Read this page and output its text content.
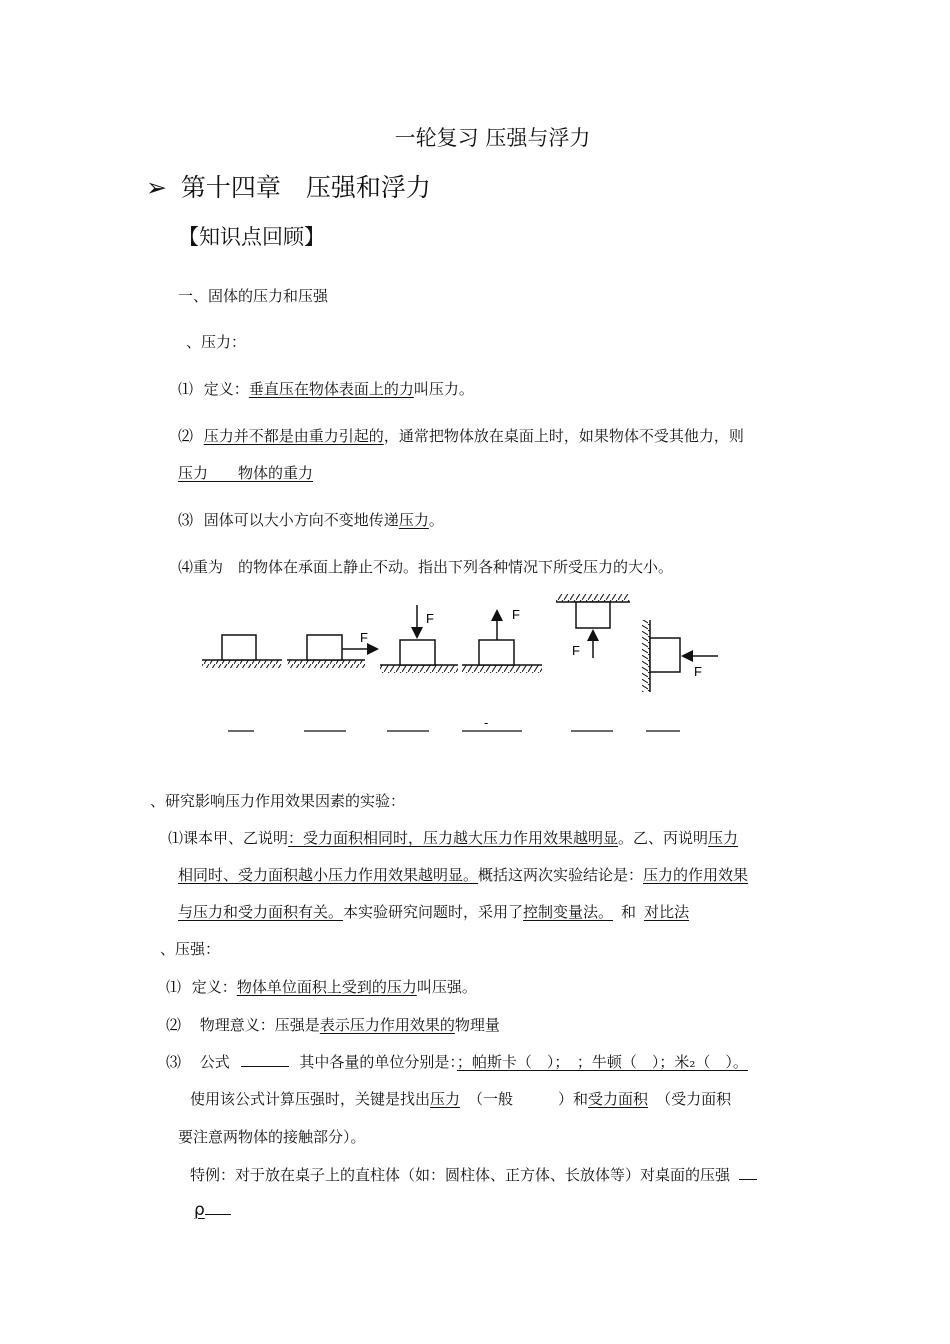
一轮复习 压强与浮力
➢ 第十四章　压强和浮力
【知识点回顾】
一、固体的压力和压强
、压力：
⑴ 定义：垂直压在物体表面上的力叫压力。
⑵ 压力并不都是由重力引起的，通常把物体放在桌面上时，如果物体不受其他力，则
压力　　物体的重力
⑶ 固体可以大小方向不变地传递压力。
⑷重为　的物体在承面上静止不动。指出下列各种情况下所受压力的大小。
F
F	F
F
F
-
、研究影响压力作用效果因素的实验：
⑴课本甲、乙说明：受力面积相同时，压力越大压力作用效果越明显。乙、丙说明压力
相同时、受力面积越小压力作用效果越明显。概括这两次实验结论是：压力的作用效果
与压力和受力面积有关。本实验研究问题时，采用了控制变量法。 和 对比法
、压强：
⑴ 定义：物体单位面积上受到的压力叫压强。
⑵ 物理意义：压强是表示压力作用效果的物理量
⑶ 公式	其中各量的单位分别是：；帕斯卡（　）；　；牛顿（　）；米₂（　）。
使用该公式计算压强时，关键是找出压力 （一般　　　）和受力面积 （受力面积
要注意两物体的接触部分）。
特例：对于放在桌子上的直柱体（如：圆柱体、正方体、长放体等）对桌面的压强
ρ
